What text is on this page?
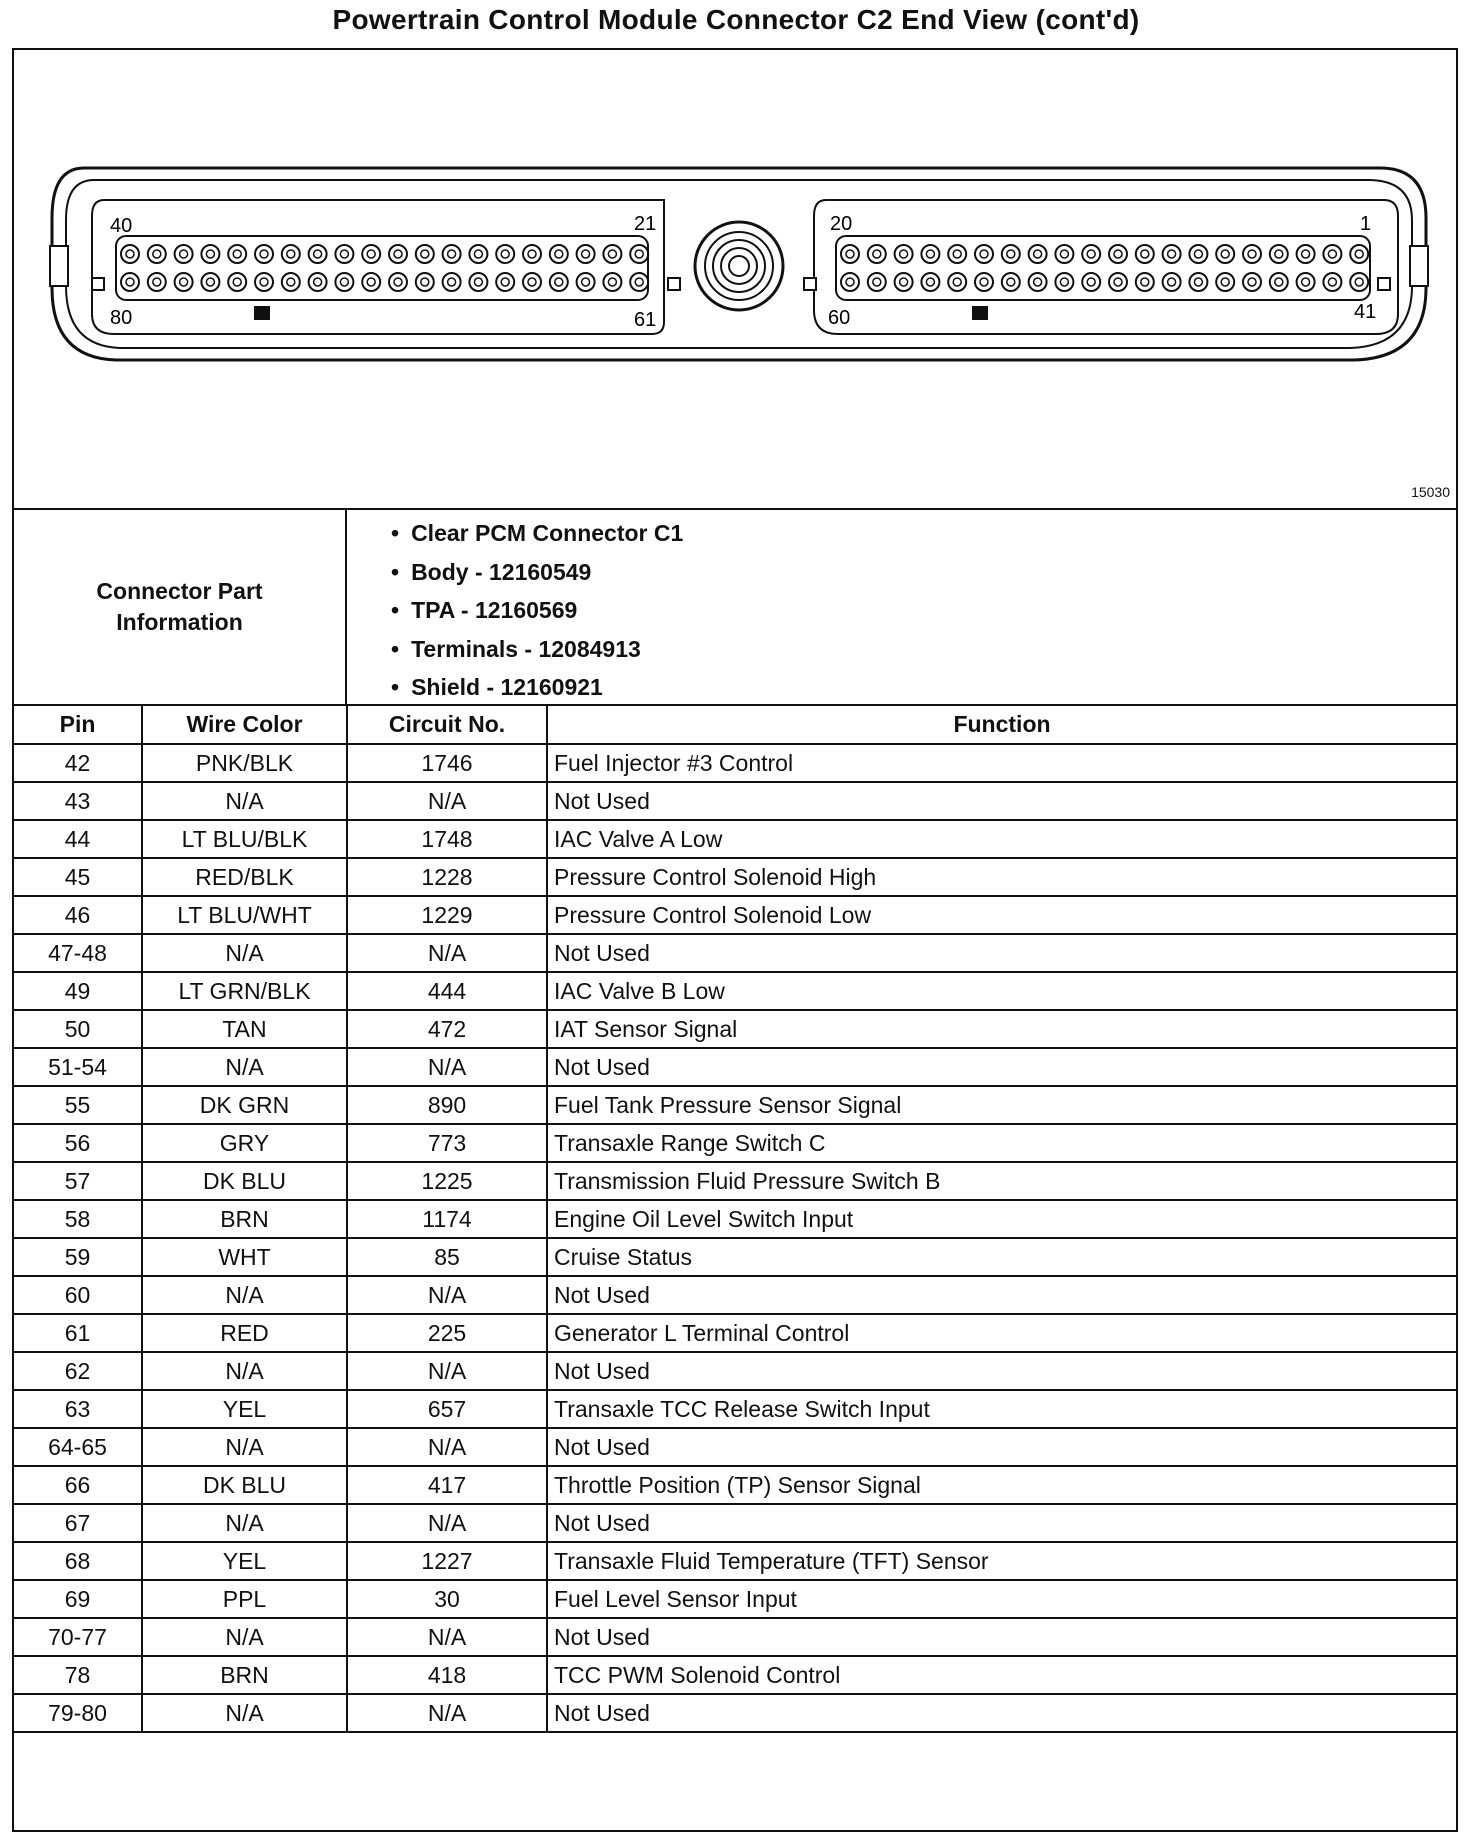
Powertrain Control Module Connector C2 End View (cont'd)
40	21
80	61
20	1
60	41
15030
Connector Part Information
• Clear PCM Connector C1
• Body - 12160549
• TPA - 12160569
• Terminals - 12084913
• Shield - 12160921
Pin	Wire Color	Circuit No.	Function
42	PNK/BLK	1746	Fuel Injector #3 Control
43	N/A	N/A	Not Used
44	LT BLU/BLK	1748	IAC Valve A Low
45	RED/BLK	1228	Pressure Control Solenoid High
46	LT BLU/WHT	1229	Pressure Control Solenoid Low
47-48	N/A	N/A	Not Used
49	LT GRN/BLK	444	IAC Valve B Low
50	TAN	472	IAT Sensor Signal
51-54	N/A	N/A	Not Used
55	DK GRN	890	Fuel Tank Pressure Sensor Signal
56	GRY	773	Transaxle Range Switch C
57	DK BLU	1225	Transmission Fluid Pressure Switch B
58	BRN	1174	Engine Oil Level Switch Input
59	WHT	85	Cruise Status
60	N/A	N/A	Not Used
61	RED	225	Generator L Terminal Control
62	N/A	N/A	Not Used
63	YEL	657	Transaxle TCC Release Switch Input
64-65	N/A	N/A	Not Used
66	DK BLU	417	Throttle Position (TP) Sensor Signal
67	N/A	N/A	Not Used
68	YEL	1227	Transaxle Fluid Temperature (TFT) Sensor
69	PPL	30	Fuel Level Sensor Input
70-77	N/A	N/A	Not Used
78	BRN	418	TCC PWM Solenoid Control
79-80	N/A	N/A	Not Used
